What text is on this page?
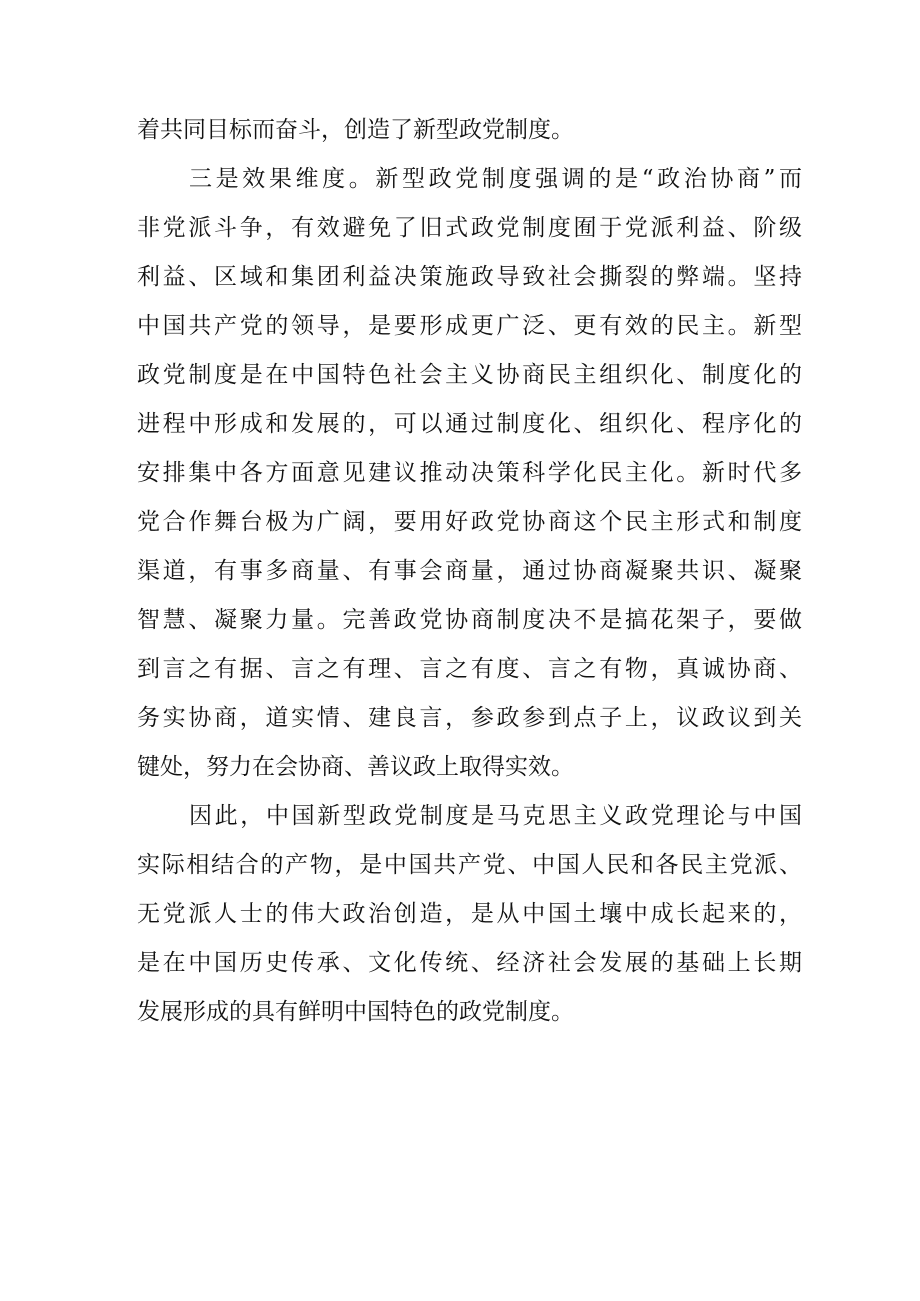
着共同目标而奋斗，创造了新型政党制度。
三是效果维度。新型政党制度强调的是“政治协商”而
非党派斗争，有效避免了旧式政党制度囿于党派利益、阶级
利益、区域和集团利益决策施政导致社会撕裂的弊端。坚持
中国共产党的领导，是要形成更广泛、更有效的民主。新型
政党制度是在中国特色社会主义协商民主组织化、制度化的
进程中形成和发展的，可以通过制度化、组织化、程序化的
安排集中各方面意见建议推动决策科学化民主化。新时代多
党合作舞台极为广阔，要用好政党协商这个民主形式和制度
渠道，有事多商量、有事会商量，通过协商凝聚共识、凝聚
智慧、凝聚力量。完善政党协商制度决不是搞花架子，要做
到言之有据、言之有理、言之有度、言之有物，真诚协商、
务实协商，道实情、建良言，参政参到点子上，议政议到关
键处，努力在会协商、善议政上取得实效。
因此，中国新型政党制度是马克思主义政党理论与中国
实际相结合的产物，是中国共产党、中国人民和各民主党派、
无党派人士的伟大政治创造，是从中国土壤中成长起来的，
是在中国历史传承、文化传统、经济社会发展的基础上长期
发展形成的具有鲜明中国特色的政党制度。
